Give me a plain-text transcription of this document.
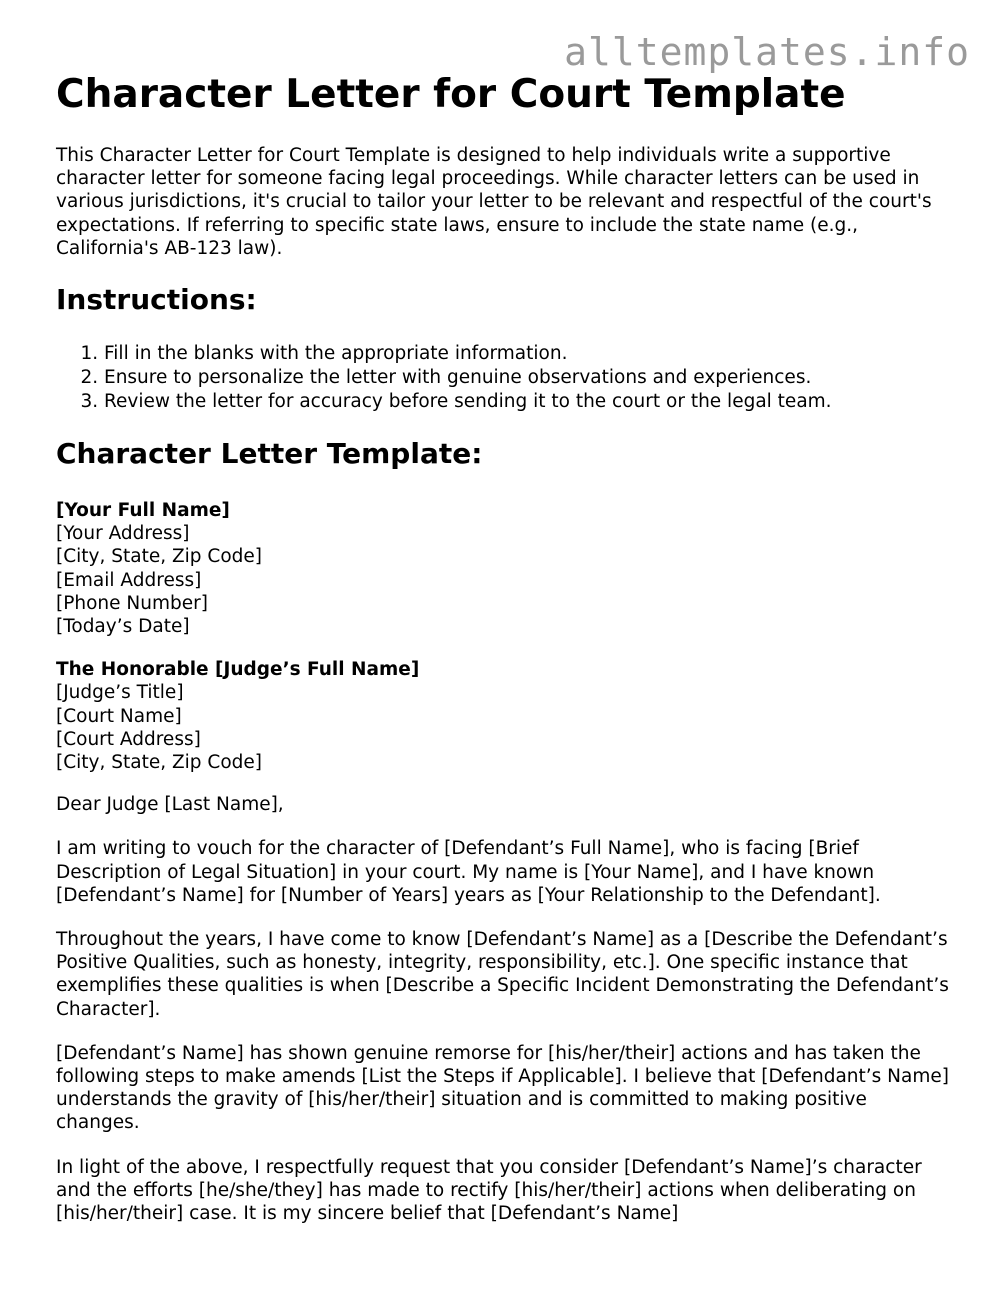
alltemplates.info
Character Letter for Court Template

This Character Letter for Court Template is designed to help individuals write a supportive character letter for someone facing legal proceedings. While character letters can be used in various jurisdictions, it's crucial to tailor your letter to be relevant and respectful of the court's expectations. If referring to specific state laws, ensure to include the state name (e.g., California's AB-123 law).

Instructions:
1. Fill in the blanks with the appropriate information.
2. Ensure to personalize the letter with genuine observations and experiences.
3. Review the letter for accuracy before sending it to the court or the legal team.
Character Letter Template:
[Your Full Name]
[Your Address]
[City, State, Zip Code]
[Email Address]
[Phone Number]
[Today’s Date]
The Honorable [Judge’s Full Name]
[Judge’s Title]
[Court Name]
[Court Address]
[City, State, Zip Code]

Dear Judge [Last Name],

I am writing to vouch for the character of [Defendant’s Full Name], who is facing [Brief Description of Legal Situation] in your court. My name is [Your Name], and I have known [Defendant’s Name] for [Number of Years] years as [Your Relationship to the Defendant].

Throughout the years, I have come to know [Defendant’s Name] as a [Describe the Defendant’s Positive Qualities, such as honesty, integrity, responsibility, etc.]. One specific instance that exemplifies these qualities is when [Describe a Specific Incident Demonstrating the Defendant’s Character].

[Defendant’s Name] has shown genuine remorse for [his/her/their] actions and has taken the following steps to make amends [List the Steps if Applicable]. I believe that [Defendant’s Name] understands the gravity of [his/her/their] situation and is committed to making positive changes.

In light of the above, I respectfully request that you consider [Defendant’s Name]’s character and the efforts [he/she/they] has made to rectify [his/her/their] actions when deliberating on [his/her/their] case. It is my sincere belief that [Defendant’s Name]
